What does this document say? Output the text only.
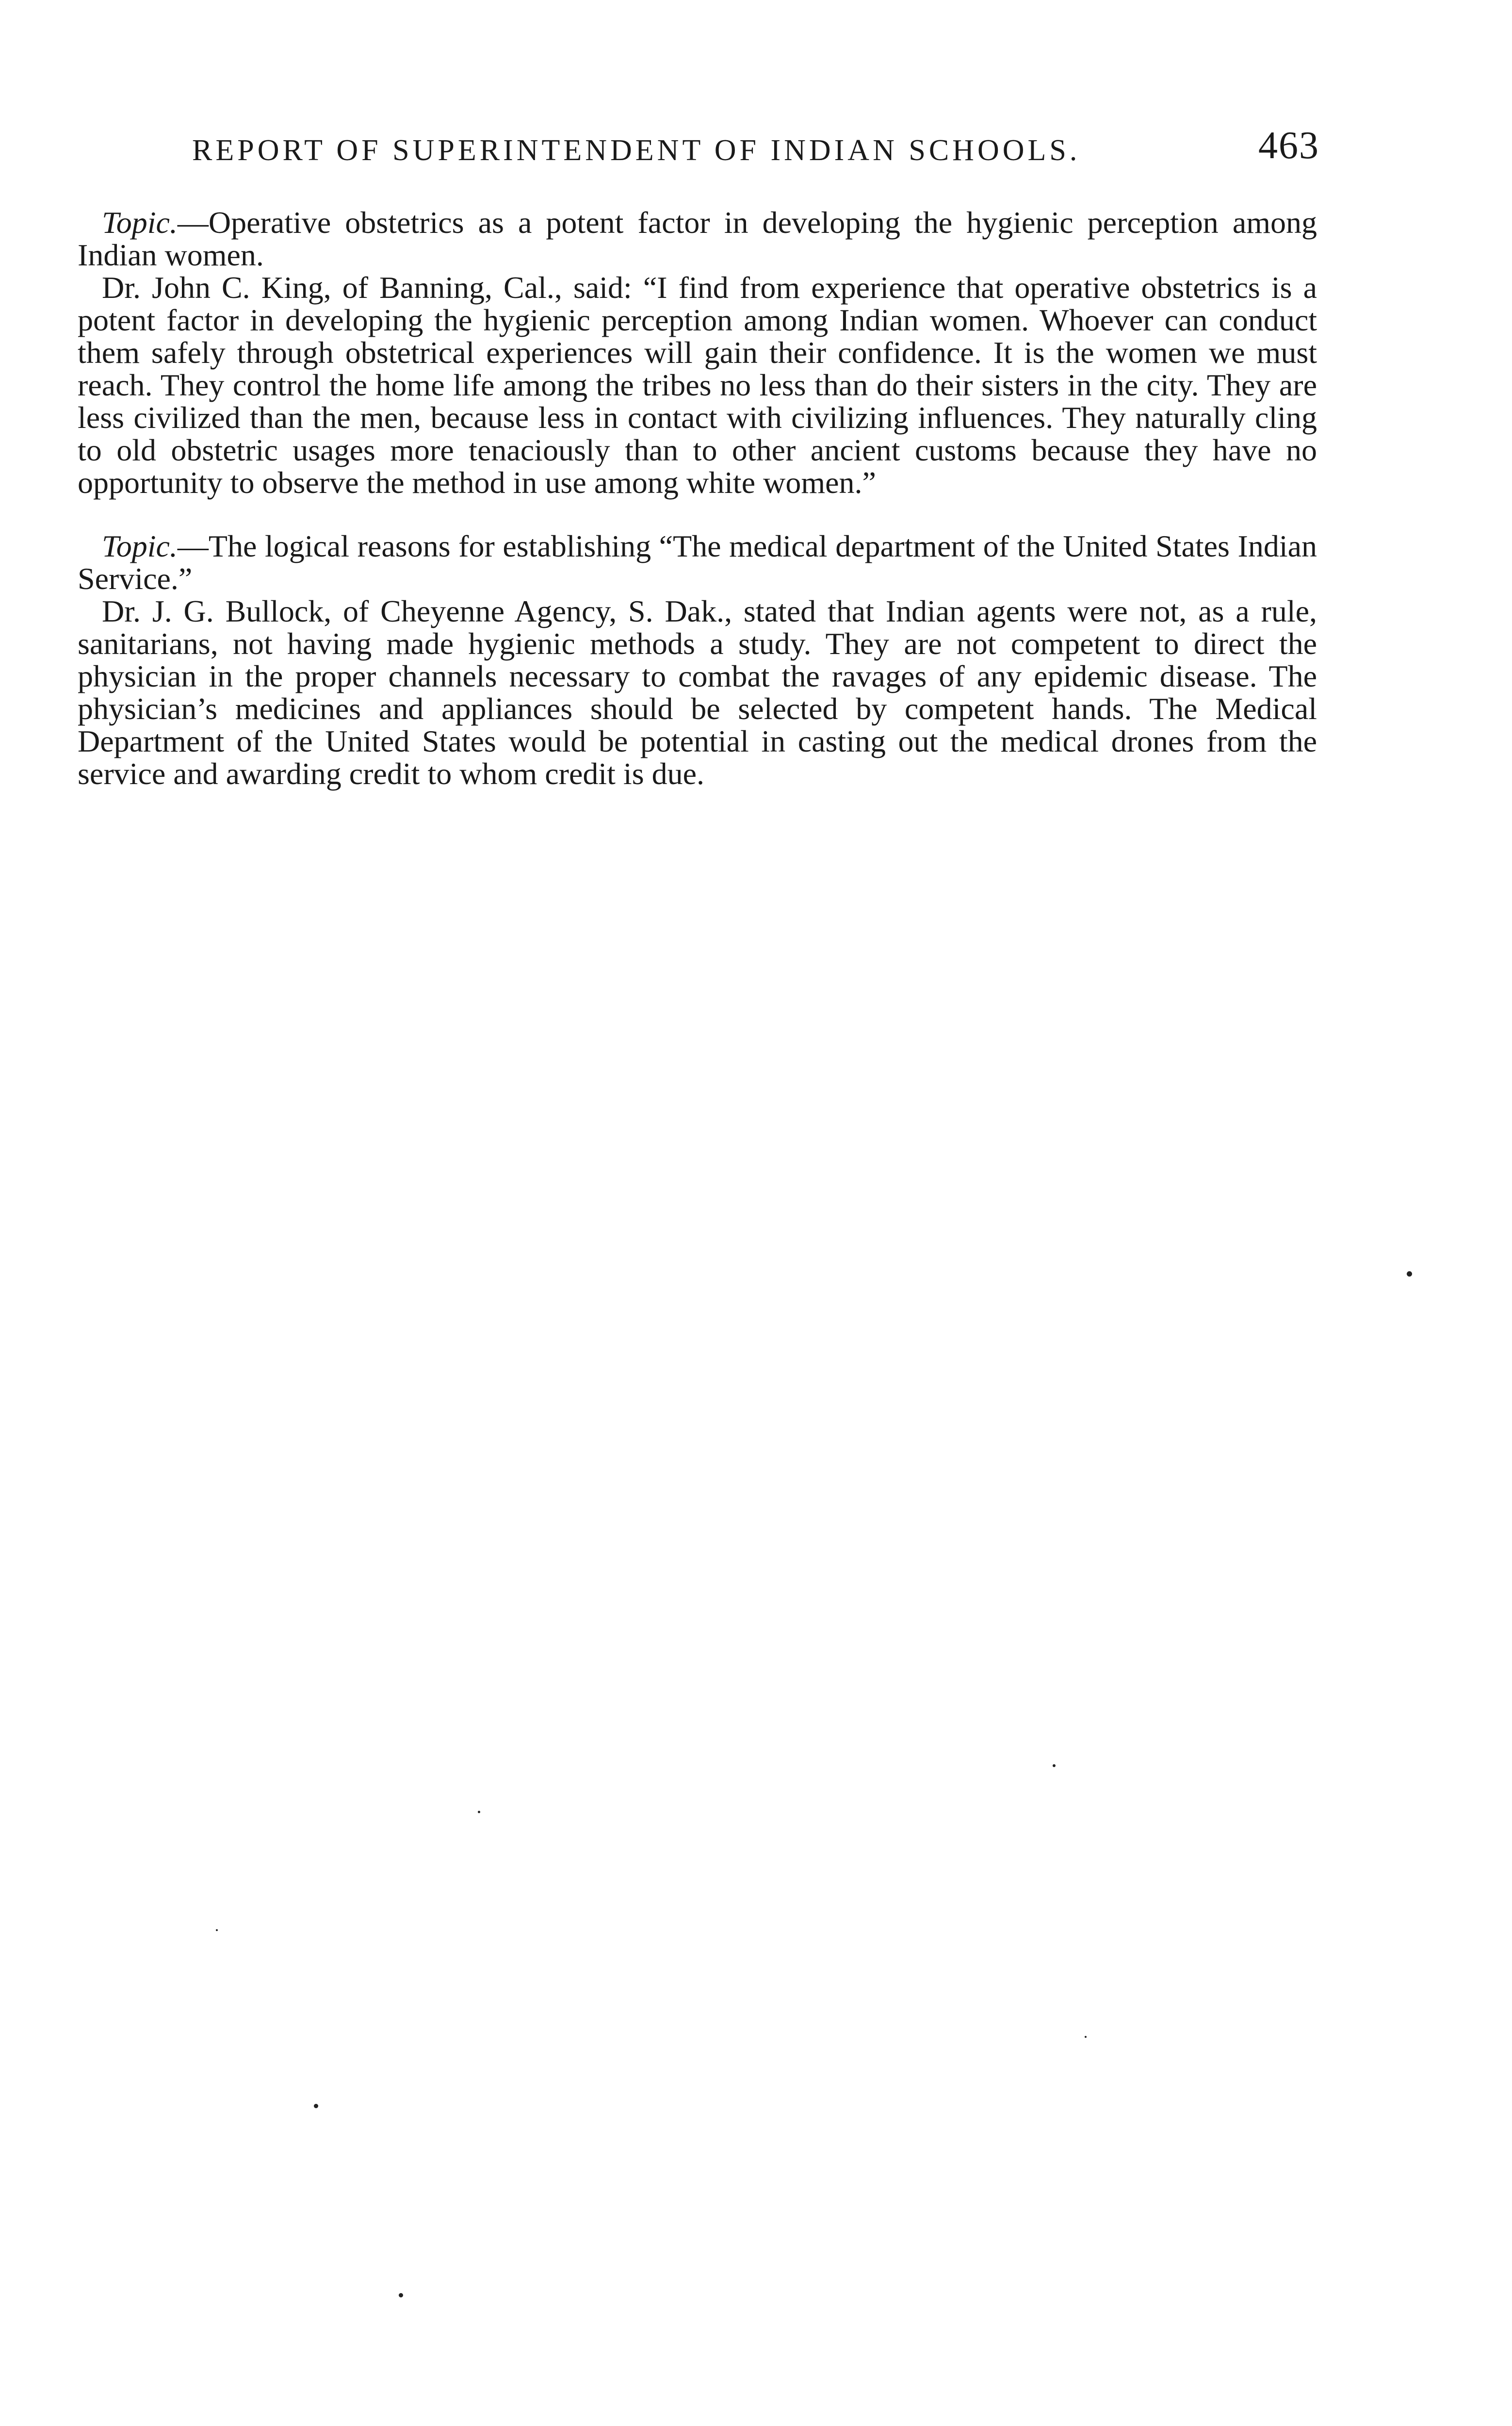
REPORT OF SUPERINTENDENT OF INDIAN SCHOOLS.	463

Topic.—Operative obstetrics as a potent factor in developing the hygienic perception among Indian women.

Dr. John C. King, of Banning, Cal., said: “I find from experience that operative obstetrics is a potent factor in developing the hygienic perception among Indian women. Whoever can conduct them safely through obstetrical experiences will gain their confidence. It is the women we must reach. They control the home life among the tribes no less than do their sisters in the city. They are less civilized than the men, because less in contact with civilizing influences. They naturally cling to old obstetric usages more tenaciously than to other ancient customs because they have no opportunity to observe the method in use among white women.”

Topic.—The logical reasons for establishing “The medical department of the United States Indian Service.”

Dr. J. G. Bullock, of Cheyenne Agency, S. Dak., stated that Indian agents were not, as a rule, sanitarians, not having made hygienic methods a study. They are not competent to direct the physician in the proper channels necessary to combat the ravages of any epidemic disease. The physician’s medicines and appliances should be selected by competent hands. The Medical Department of the United States would be potential in casting out the medical drones from the service and awarding credit to whom credit is due.
